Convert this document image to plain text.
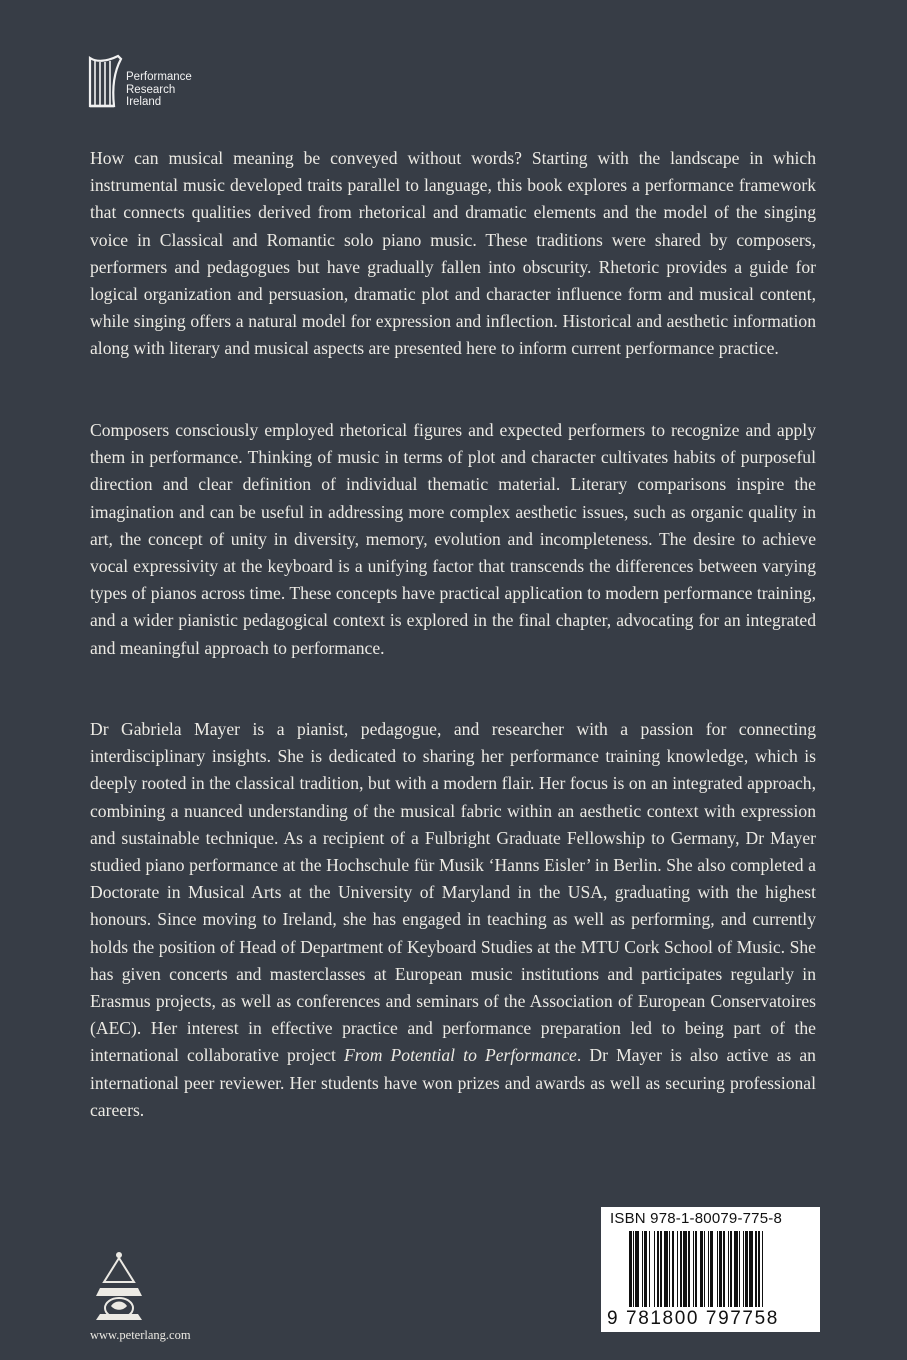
Performance
Research
Ireland

How can musical meaning be conveyed without words? Starting with the landscape in which instrumental music developed traits parallel to language, this book explores a performance framework that connects qualities derived from rhetorical and dramatic elements and the model of the singing voice in Classical and Romantic solo piano music. These traditions were shared by composers, performers and pedagogues but have gradually fallen into obscurity. Rhetoric provides a guide for logical organization and persuasion, dramatic plot and character influence form and musical content, while singing offers a natural model for expression and inflection. Historical and aesthetic information along with literary and musical aspects are presented here to inform current performance practice.

Composers consciously employed rhetorical figures and expected performers to recognize and apply them in performance. Thinking of music in terms of plot and character cultivates habits of purposeful direction and clear definition of individual thematic material. Literary comparisons inspire the imagination and can be useful in addressing more complex aesthetic issues, such as organic quality in art, the concept of unity in diversity, memory, evolution and incompleteness. The desire to achieve vocal expressivity at the keyboard is a unifying factor that transcends the differences between varying types of pianos across time. These concepts have practical application to modern performance training, and a wider pianistic pedagogical context is explored in the final chapter, advocating for an integrated and meaningful approach to performance.

Dr Gabriela Mayer is a pianist, pedagogue, and researcher with a passion for connecting interdisciplinary insights. She is dedicated to sharing her performance training knowledge, which is deeply rooted in the classical tradition, but with a modern flair. Her focus is on an integrated approach, combining a nuanced understanding of the musical fabric within an aesthetic context with expression and sustainable technique. As a recipient of a Fulbright Graduate Fellowship to Germany, Dr Mayer studied piano performance at the Hochschule für Musik ‘Hanns Eisler’ in Berlin. She also completed a Doctorate in Musical Arts at the University of Maryland in the USA, graduating with the highest honours. Since moving to Ireland, she has engaged in teaching as well as performing, and currently holds the position of Head of Department of Keyboard Studies at the MTU Cork School of Music. She has given concerts and masterclasses at European music institutions and participates regularly in Erasmus projects, as well as conferences and seminars of the Association of European Conservatoires (AEC). Her interest in effective practice and performance preparation led to being part of the international collaborative project From Potential to Performance. Dr Mayer is also active as an international peer reviewer. Her students have won prizes and awards as well as securing professional careers.

www.peterlang.com
ISBN 978-1-80079-775-8
9 781800 797758
